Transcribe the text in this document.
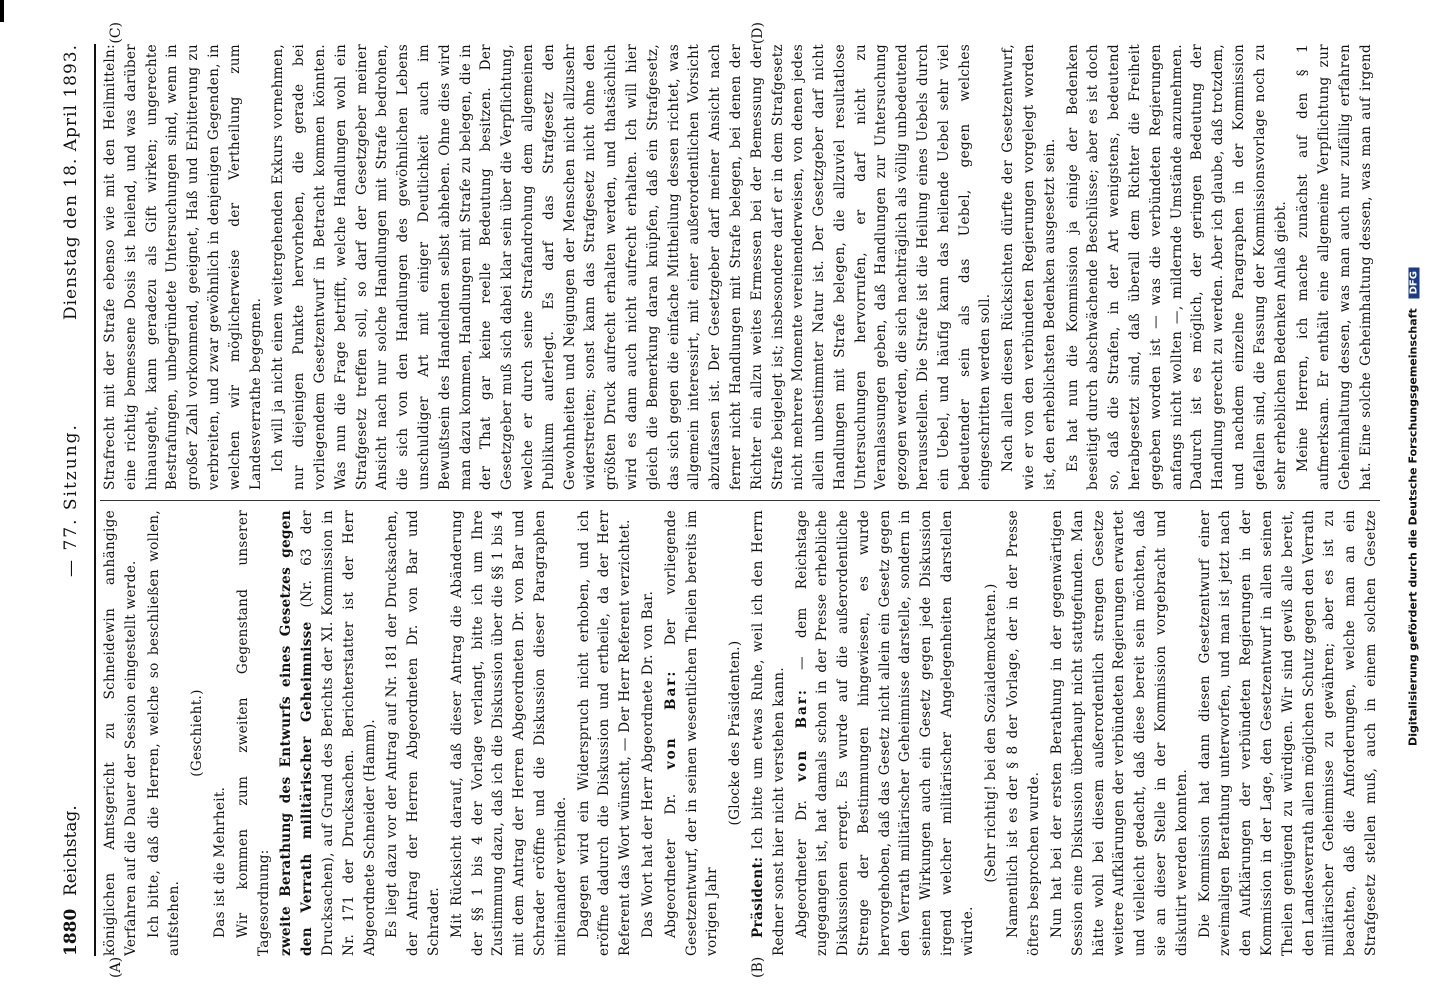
1880
Reichstag.
— 77. Sitzung.
Dienstag den 18. April 1893.
(A)	(B)
(C)	(D)

königlichen Amtsgericht zu Schneidewin anhängige Verfahren auf die Dauer der Session eingestellt werde. Ich bitte, daß die Herren, welche so beschließen wollen, aufstehen.

(Geschieht.)

Das ist die Mehrheit. Wir kommen zum zweiten Gegenstand unserer Tagesordnung: zweite Berathung des Entwurfs eines Gesetzes gegen den Verrath militärischer Geheimnisse (Nr. 63 der Drucksachen), auf Grund des Berichts der XI. Kommission in Nr. 171 der Drucksachen. Berichterstatter ist der Herr Abgeordnete Schneider (Hamm). Es liegt dazu vor der Antrag auf Nr. 181 der Drucksachen, der Antrag der Herren Abgeordneten Dr. von Bar und Schrader. Mit Rücksicht darauf, daß dieser Antrag die Abänderung der §§ 1 bis 4 der Vorlage verlangt, bitte ich um Ihre Zustimmung dazu, daß ich die Diskussion über die §§ 1 bis 4 mit dem Antrag der Herren Abgeordneten Dr. von Bar und Schrader eröffne und die Diskussion dieser Paragraphen miteinander verbinde. Dagegen wird ein Widerspruch nicht erhoben, und ich eröffne dadurch die Diskussion und ertheile, da der Herr Referent das Wort wünscht, — Der Herr Referent verzichtet. Das Wort hat der Herr Abgeordnete Dr. von Bar. Abgeordneter Dr. von Bar: Der vorliegende Gesetzentwurf, der in seinen wesentlichen Theilen bereits im vorigen Jahr

(Glocke des Präsidenten.)

Präsident: Ich bitte um etwas Ruhe, weil ich den Herrn Redner sonst hier nicht verstehen kann. Abgeordneter Dr. von Bar: — dem Reichstage zugegangen ist, hat damals schon in der Presse erhebliche Diskussionen erregt. Es wurde auf die außerordentliche Strenge der Bestimmungen hingewiesen, es wurde hervorgehoben, daß das Gesetz nicht allein ein Gesetz gegen den Verrath militärischer Geheimnisse darstelle, sondern in seinen Wirkungen auch ein Gesetz gegen jede Diskussion irgend welcher militärischer Angelegenheiten darstellen würde.

(Sehr richtig! bei den Sozialdemokraten.) Namentlich ist es der § 8 der Vorlage, der in der Presse öfters besprochen wurde. Nun hat bei der ersten Berathung in der gegenwärtigen Session eine Diskussion überhaupt nicht stattgefunden. Man hätte wohl bei diesem außerordentlich strengen Gesetze weitere Aufklärungen der verbündeten Regierungen erwartet und vielleicht gedacht, daß diese bereit sein möchten, daß sie an dieser Stelle in der Kommission vorgebracht und diskutirt werden konnten. Die Kommission hat dann diesen Gesetzentwurf einer zweimaligen Berathung unterworfen, und man ist jetzt nach den Aufklärungen der verbündeten Regierungen in der Kommission in der Lage, den Gesetzentwurf in allen seinen Theilen genügend zu würdigen. Wir sind gewiß alle bereit, den Landesverrath allen möglichen Schutz gegen den Verrath militärischer Geheimnisse zu gewähren; aber es ist zu beachten, daß die Anforderungen, welche man an ein Strafgesetz stellen muß, auch in einem solchen Gesetze

Strafrecht mit der Strafe ebenso wie mit den Heilmitteln: eine richtig bemessene Dosis ist heilend, und was darüber hinausgeht, kann geradezu als Gift wirken; ungerechte Bestrafungen, unbegründete Untersuchungen sind, wenn in großer Zahl vorkommend, geeignet, Haß und Erbitterung zu verbreiten, und zwar gewöhnlich in denjenigen Gegenden, in welchen wir möglicherweise der Vertheilung zum Landesverrathe begegnen. Ich will ja nicht einen weitergehenden Exkurs vornehmen, nur diejenigen Punkte hervorheben, die gerade bei vorliegendem Gesetzentwurf in Betracht kommen könnten. Was nun die Frage betrifft, welche Handlungen wohl ein Strafgesetz treffen soll, so darf der Gesetzgeber meiner Ansicht nach nur solche Handlungen mit Strafe bedrohen, die sich von den Handlungen des gewöhnlichen Lebens unschuldiger Art mit einiger Deutlichkeit auch im Bewußtsein des Handelnden selbst abheben. Ohne dies wird man dazu kommen, Handlungen mit Strafe zu belegen, die in der That gar keine reelle Bedeutung besitzen. Der Gesetzgeber muß sich dabei klar sein über die Verpflichtung, welche er durch seine Strafandrohung dem allgemeinen Publikum auferlegt. Es darf das Strafgesetz den Gewohnheiten und Neigungen der Menschen nicht allzusehr widerstreiten; sonst kann das Strafgesetz nicht ohne den größten Druck aufrecht erhalten werden, und thatsächlich wird es dann auch nicht aufrecht erhalten. Ich will hier gleich die Bemerkung daran knüpfen, daß ein Strafgesetz, das sich gegen die einfache Mittheilung dessen richtet, was allgemein interessirt, mit einer außerordentlichen Vorsicht abzufassen ist. Der Gesetzgeber darf meiner Ansicht nach ferner nicht Handlungen mit Strafe belegen, bei denen der Richter ein allzu weites Ermessen bei der Bemessung der Strafe beigelegt ist; insbesondere darf er in dem Strafgesetz nicht mehrere Momente vereinenderweisen, von denen jedes allein unbestimmter Natur ist. Der Gesetzgeber darf nicht Handlungen mit Strafe belegen, die allzuviel resultatlose Untersuchungen hervorrufen, er darf nicht zu Veranlassungen geben, daß Handlungen zur Untersuchung gezogen werden, die sich nachträglich als völlig unbedeutend herausstellen. Die Strafe ist die Heilung eines Uebels durch ein Uebel, und häufig kann das heilende Uebel sehr viel bedeutender sein als das Uebel, gegen welches eingeschritten werden soll. Nach allen diesen Rücksichten dürfte der Gesetzentwurf, wie er von den verbündeten Regierungen vorgelegt worden ist, den erheblichsten Bedenken ausgesetzt sein. Es hat nun die Kommission ja einige der Bedenken beseitigt durch abschwächende Beschlüsse; aber es ist doch so, daß die Strafen, in der Art wenigstens, bedeutend herabgesetzt sind, daß überall dem Richter die Freiheit gegeben worden ist — was die verbündeten Regierungen anfangs nicht wollten —, mildernde Umstände anzunehmen. Dadurch ist es möglich, der geringen Bedeutung der Handlung gerecht zu werden. Aber ich glaube, daß trotzdem, und nachdem einzelne Paragraphen in der Kommission gefallen sind, die Fassung der Kommissionsvorlage noch zu sehr erheblichen Bedenken Anlaß giebt. Meine Herren, ich mache zunächst auf den § 1 aufmerksam. Er enthält eine allgemeine Verpflichtung zur Geheimhaltung dessen, was man auch nur zufällig erfahren hat. Eine solche Geheimhaltung dessen, was man auf irgend

Digitalisierung gefördert durch die Deutsche Forschungsgemeinschaft DFG
